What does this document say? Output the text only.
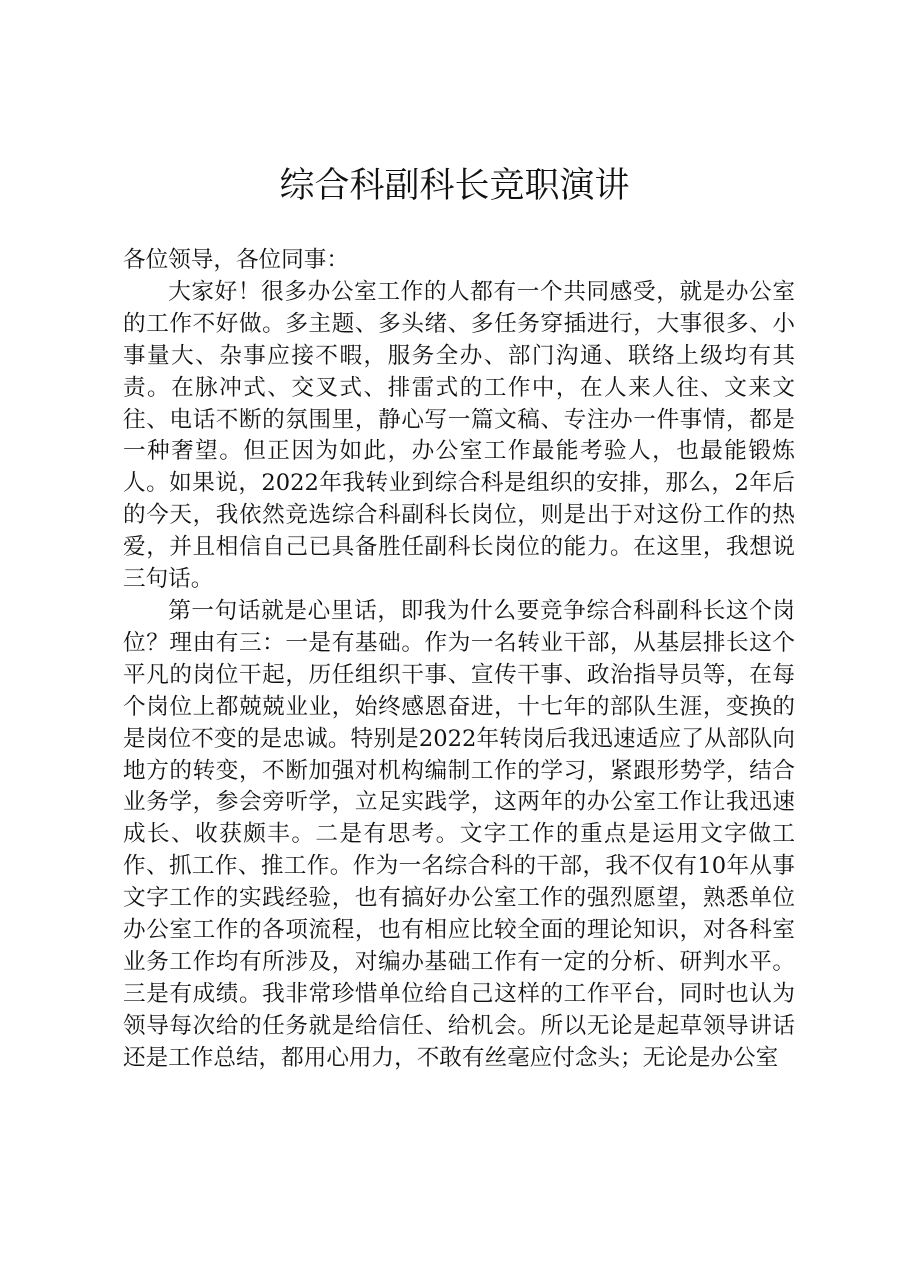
综合科副科长竞职演讲

各位领导，各位同事：

大家好！很多办公室工作的人都有一个共同感受，就是办公室的工作不好做。多主题、多头绪、多任务穿插进行，大事很多、小事量大、杂事应接不暇，服务全办、部门沟通、联络上级均有其责。在脉冲式、交叉式、排雷式的工作中，在人来人往、文来文往、电话不断的氛围里，静心写一篇文稿、专注办一件事情，都是一种奢望。但正因为如此，办公室工作最能考验人，也最能锻炼人。如果说，2022年我转业到综合科是组织的安排，那么，2年后的今天，我依然竞选综合科副科长岗位，则是出于对这份工作的热爱，并且相信自己已具备胜任副科长岗位的能力。在这里，我想说三句话。

第一句话就是心里话，即我为什么要竞争综合科副科长这个岗位？理由有三：一是有基础。作为一名转业干部，从基层排长这个平凡的岗位干起，历任组织干事、宣传干事、政治指导员等，在每个岗位上都兢兢业业，始终感恩奋进，十七年的部队生涯，变换的是岗位不变的是忠诚。特别是2022年转岗后我迅速适应了从部队向地方的转变，不断加强对机构编制工作的学习，紧跟形势学，结合业务学，参会旁听学，立足实践学，这两年的办公室工作让我迅速成长、收获颇丰。二是有思考。文字工作的重点是运用文字做工作、抓工作、推工作。作为一名综合科的干部，我不仅有10年从事文字工作的实践经验，也有搞好办公室工作的强烈愿望，熟悉单位办公室工作的各项流程，也有相应比较全面的理论知识，对各科室业务工作均有所涉及，对编办基础工作有一定的分析、研判水平。三是有成绩。我非常珍惜单位给自己这样的工作平台，同时也认为领导每次给的任务就是给信任、给机会。所以无论是起草领导讲话还是工作总结，都用心用力，不敢有丝毫应付念头；无论是办公室
